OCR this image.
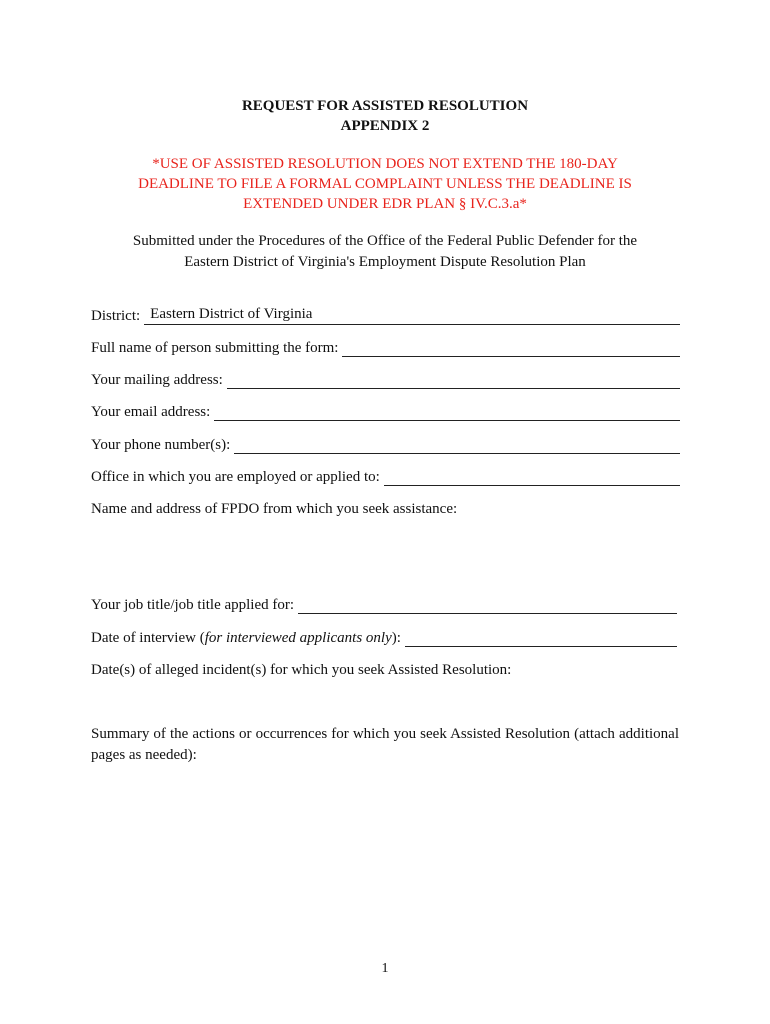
REQUEST FOR ASSISTED RESOLUTION
APPENDIX 2
*USE OF ASSISTED RESOLUTION DOES NOT EXTEND THE 180-DAY
DEADLINE TO FILE A FORMAL COMPLAINT UNLESS THE DEADLINE IS
EXTENDED UNDER EDR PLAN § IV.C.3.a*
Submitted under the Procedures of the Office of the Federal Public Defender for the
Eastern District of Virginia's Employment Dispute Resolution Plan
District: Eastern District of Virginia
Full name of person submitting the form:
Your mailing address:
Your email address:
Your phone number(s):
Office in which you are employed or applied to:
Name and address of FPDO from which you seek assistance:
Your job title/job title applied for:
Date of interview (for interviewed applicants only):
Date(s) of alleged incident(s) for which you seek Assisted Resolution:
Summary of the actions or occurrences for which you seek Assisted Resolution (attach additional pages as needed):
1
